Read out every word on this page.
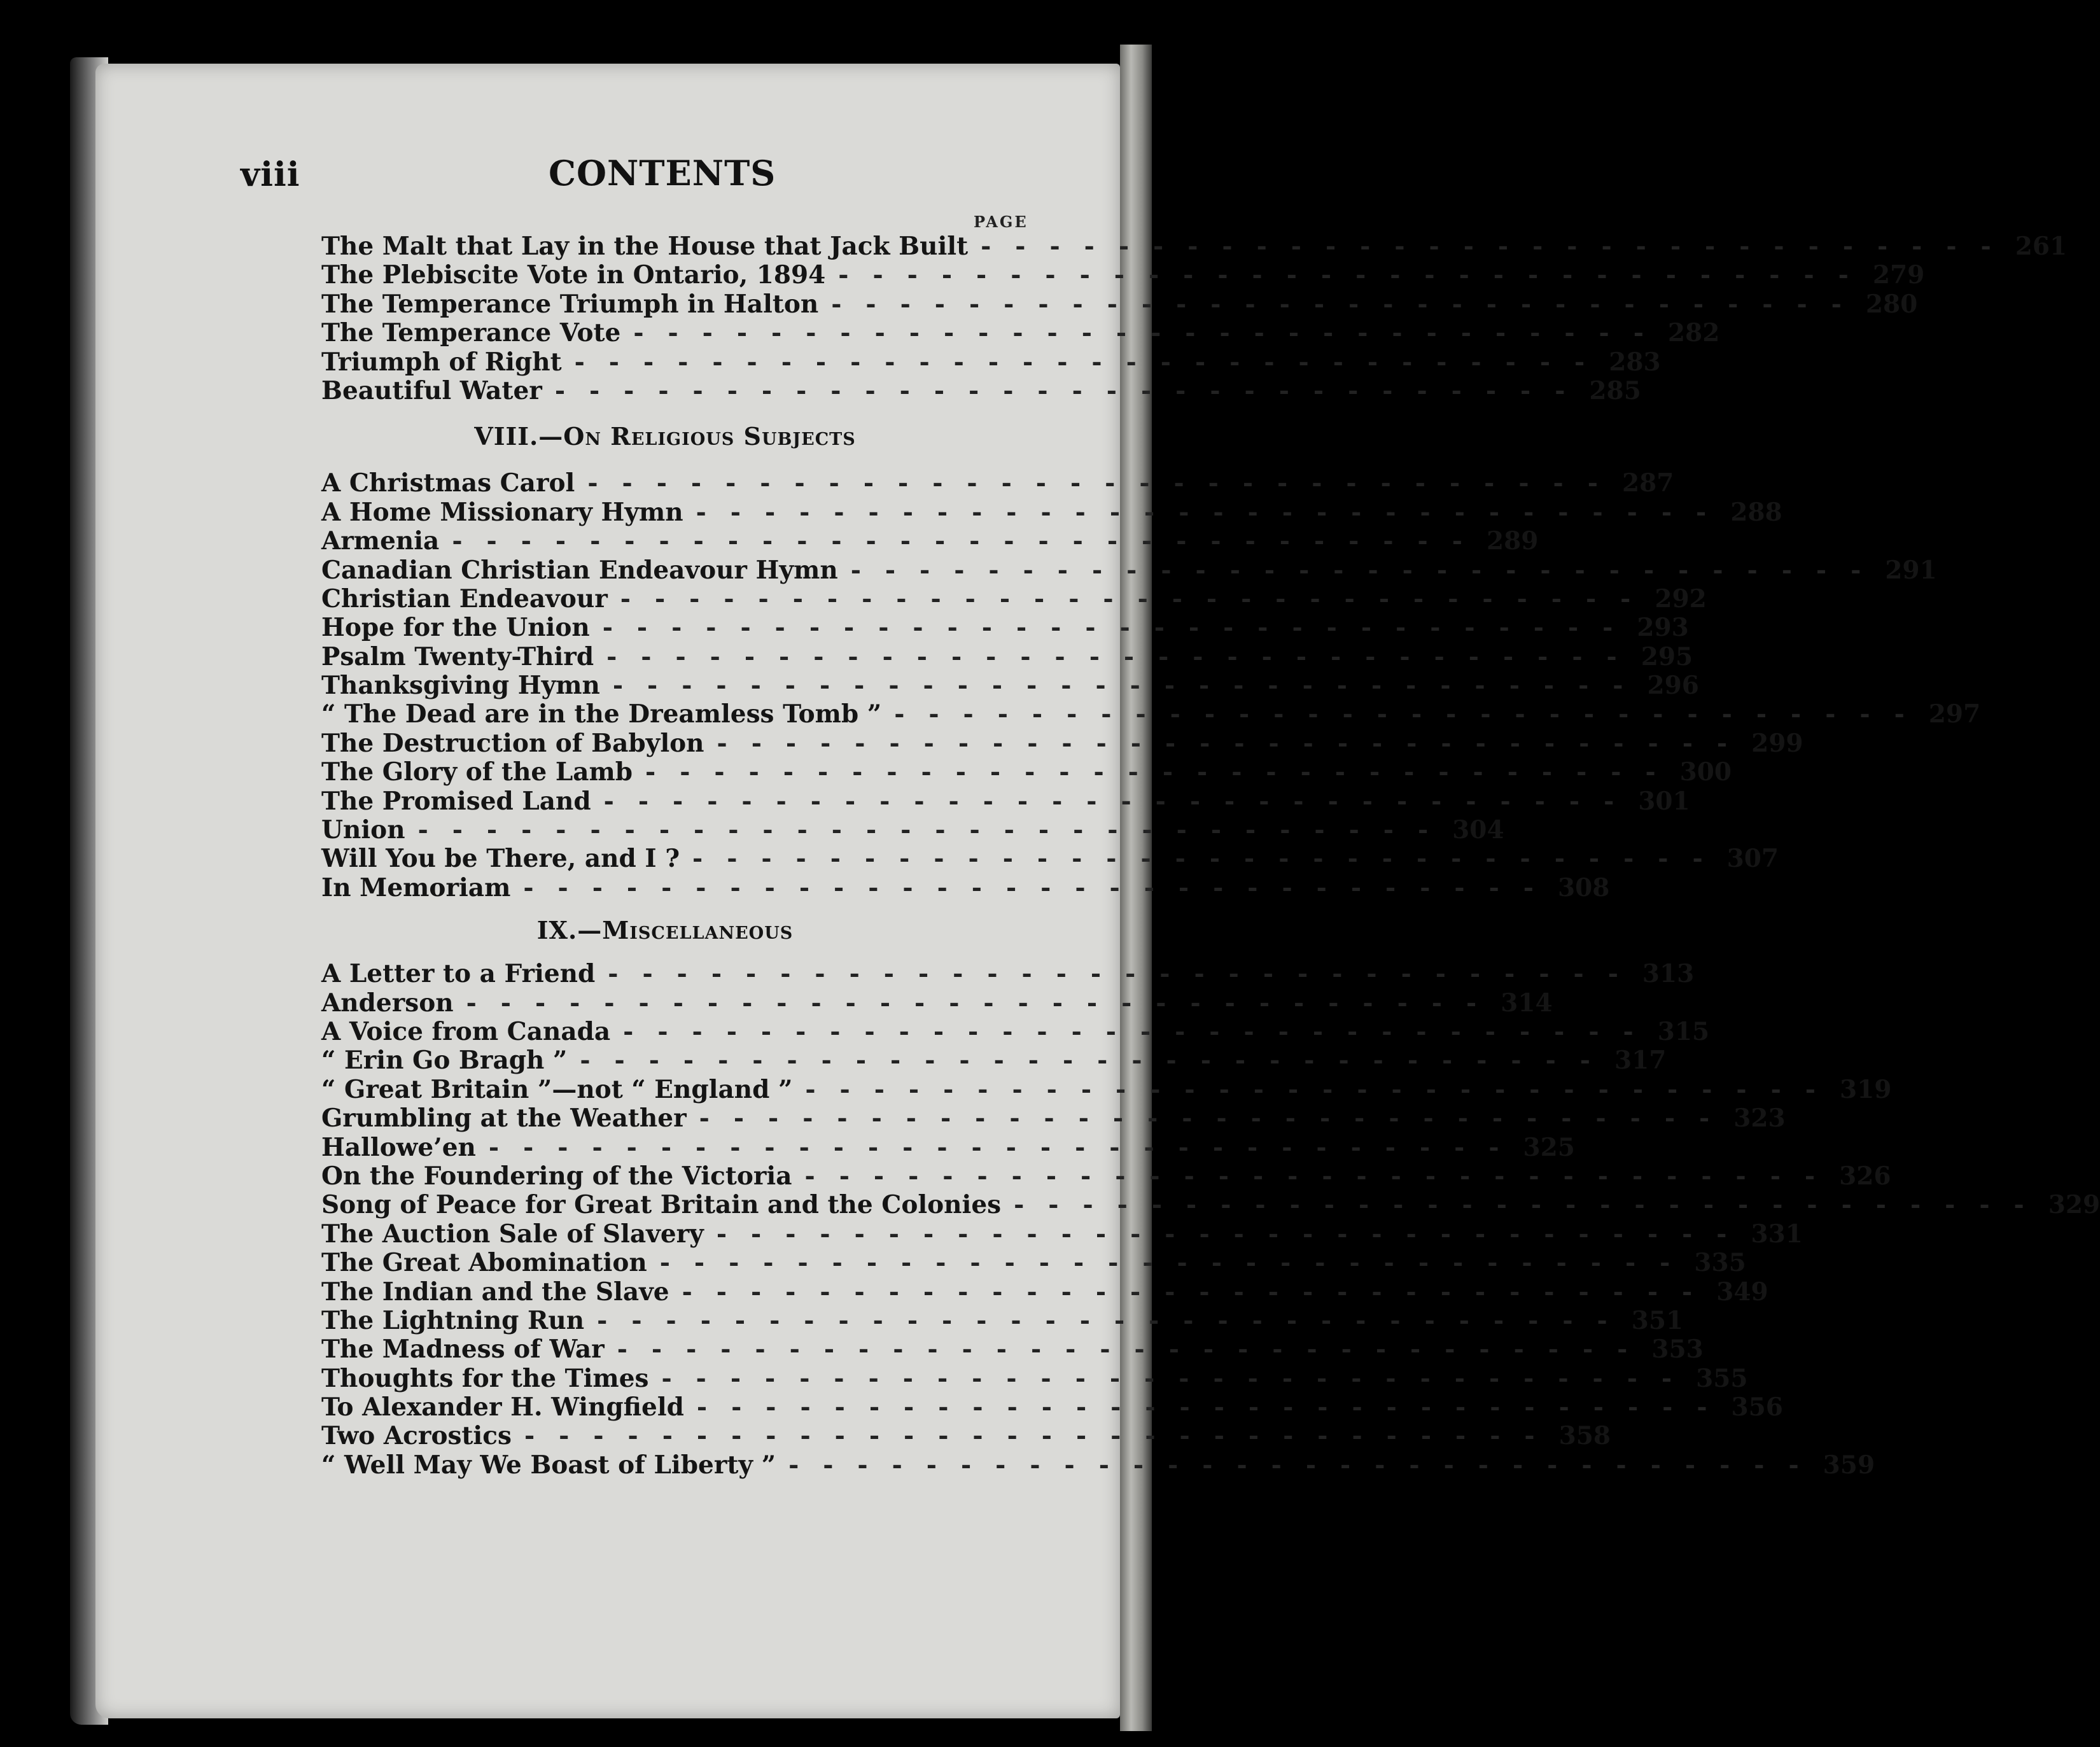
viii	CONTENTS
PAGE
The Malt that Lay in the House that Jack Built ------------------------------ 261
The Plebiscite Vote in Ontario, 1894 ------------------------------ 279
The Temperance Triumph in Halton ------------------------------ 280
The Temperance Vote ------------------------------ 282
Triumph of Right ------------------------------ 283
Beautiful Water ------------------------------ 285
VIII.—On Religious Subjects
A Christmas Carol ------------------------------ 287
A Home Missionary Hymn ------------------------------ 288
Armenia ------------------------------ 289
Canadian Christian Endeavour Hymn ------------------------------ 291
Christian Endeavour ------------------------------ 292
Hope for the Union ------------------------------ 293
Psalm Twenty-Third ------------------------------ 295
Thanksgiving Hymn ------------------------------ 296
“ The Dead are in the Dreamless Tomb ” ------------------------------ 297
The Destruction of Babylon ------------------------------ 299
The Glory of the Lamb ------------------------------ 300
The Promised Land ------------------------------ 301
Union ------------------------------ 304
Will You be There, and I ? ------------------------------ 307
In Memoriam ------------------------------ 308
IX.—Miscellaneous
A Letter to a Friend ------------------------------ 313
Anderson ------------------------------ 314
A Voice from Canada ------------------------------ 315
“ Erin Go Bragh ” ------------------------------ 317
“ Great Britain ”—not “ England ” ------------------------------ 319
Grumbling at the Weather ------------------------------ 323
Hallowe’en ------------------------------ 325
On the Foundering of the Victoria ------------------------------ 326
Song of Peace for Great Britain and the Colonies ------------------------------ 329
The Auction Sale of Slavery ------------------------------ 331
The Great Abomination ------------------------------ 335
The Indian and the Slave ------------------------------ 349
The Lightning Run ------------------------------ 351
The Madness of War ------------------------------ 353
Thoughts for the Times ------------------------------ 355
To Alexander H. Wingfield ------------------------------ 356
Two Acrostics ------------------------------ 358
“ Well May We Boast of Liberty ” ------------------------------ 359
